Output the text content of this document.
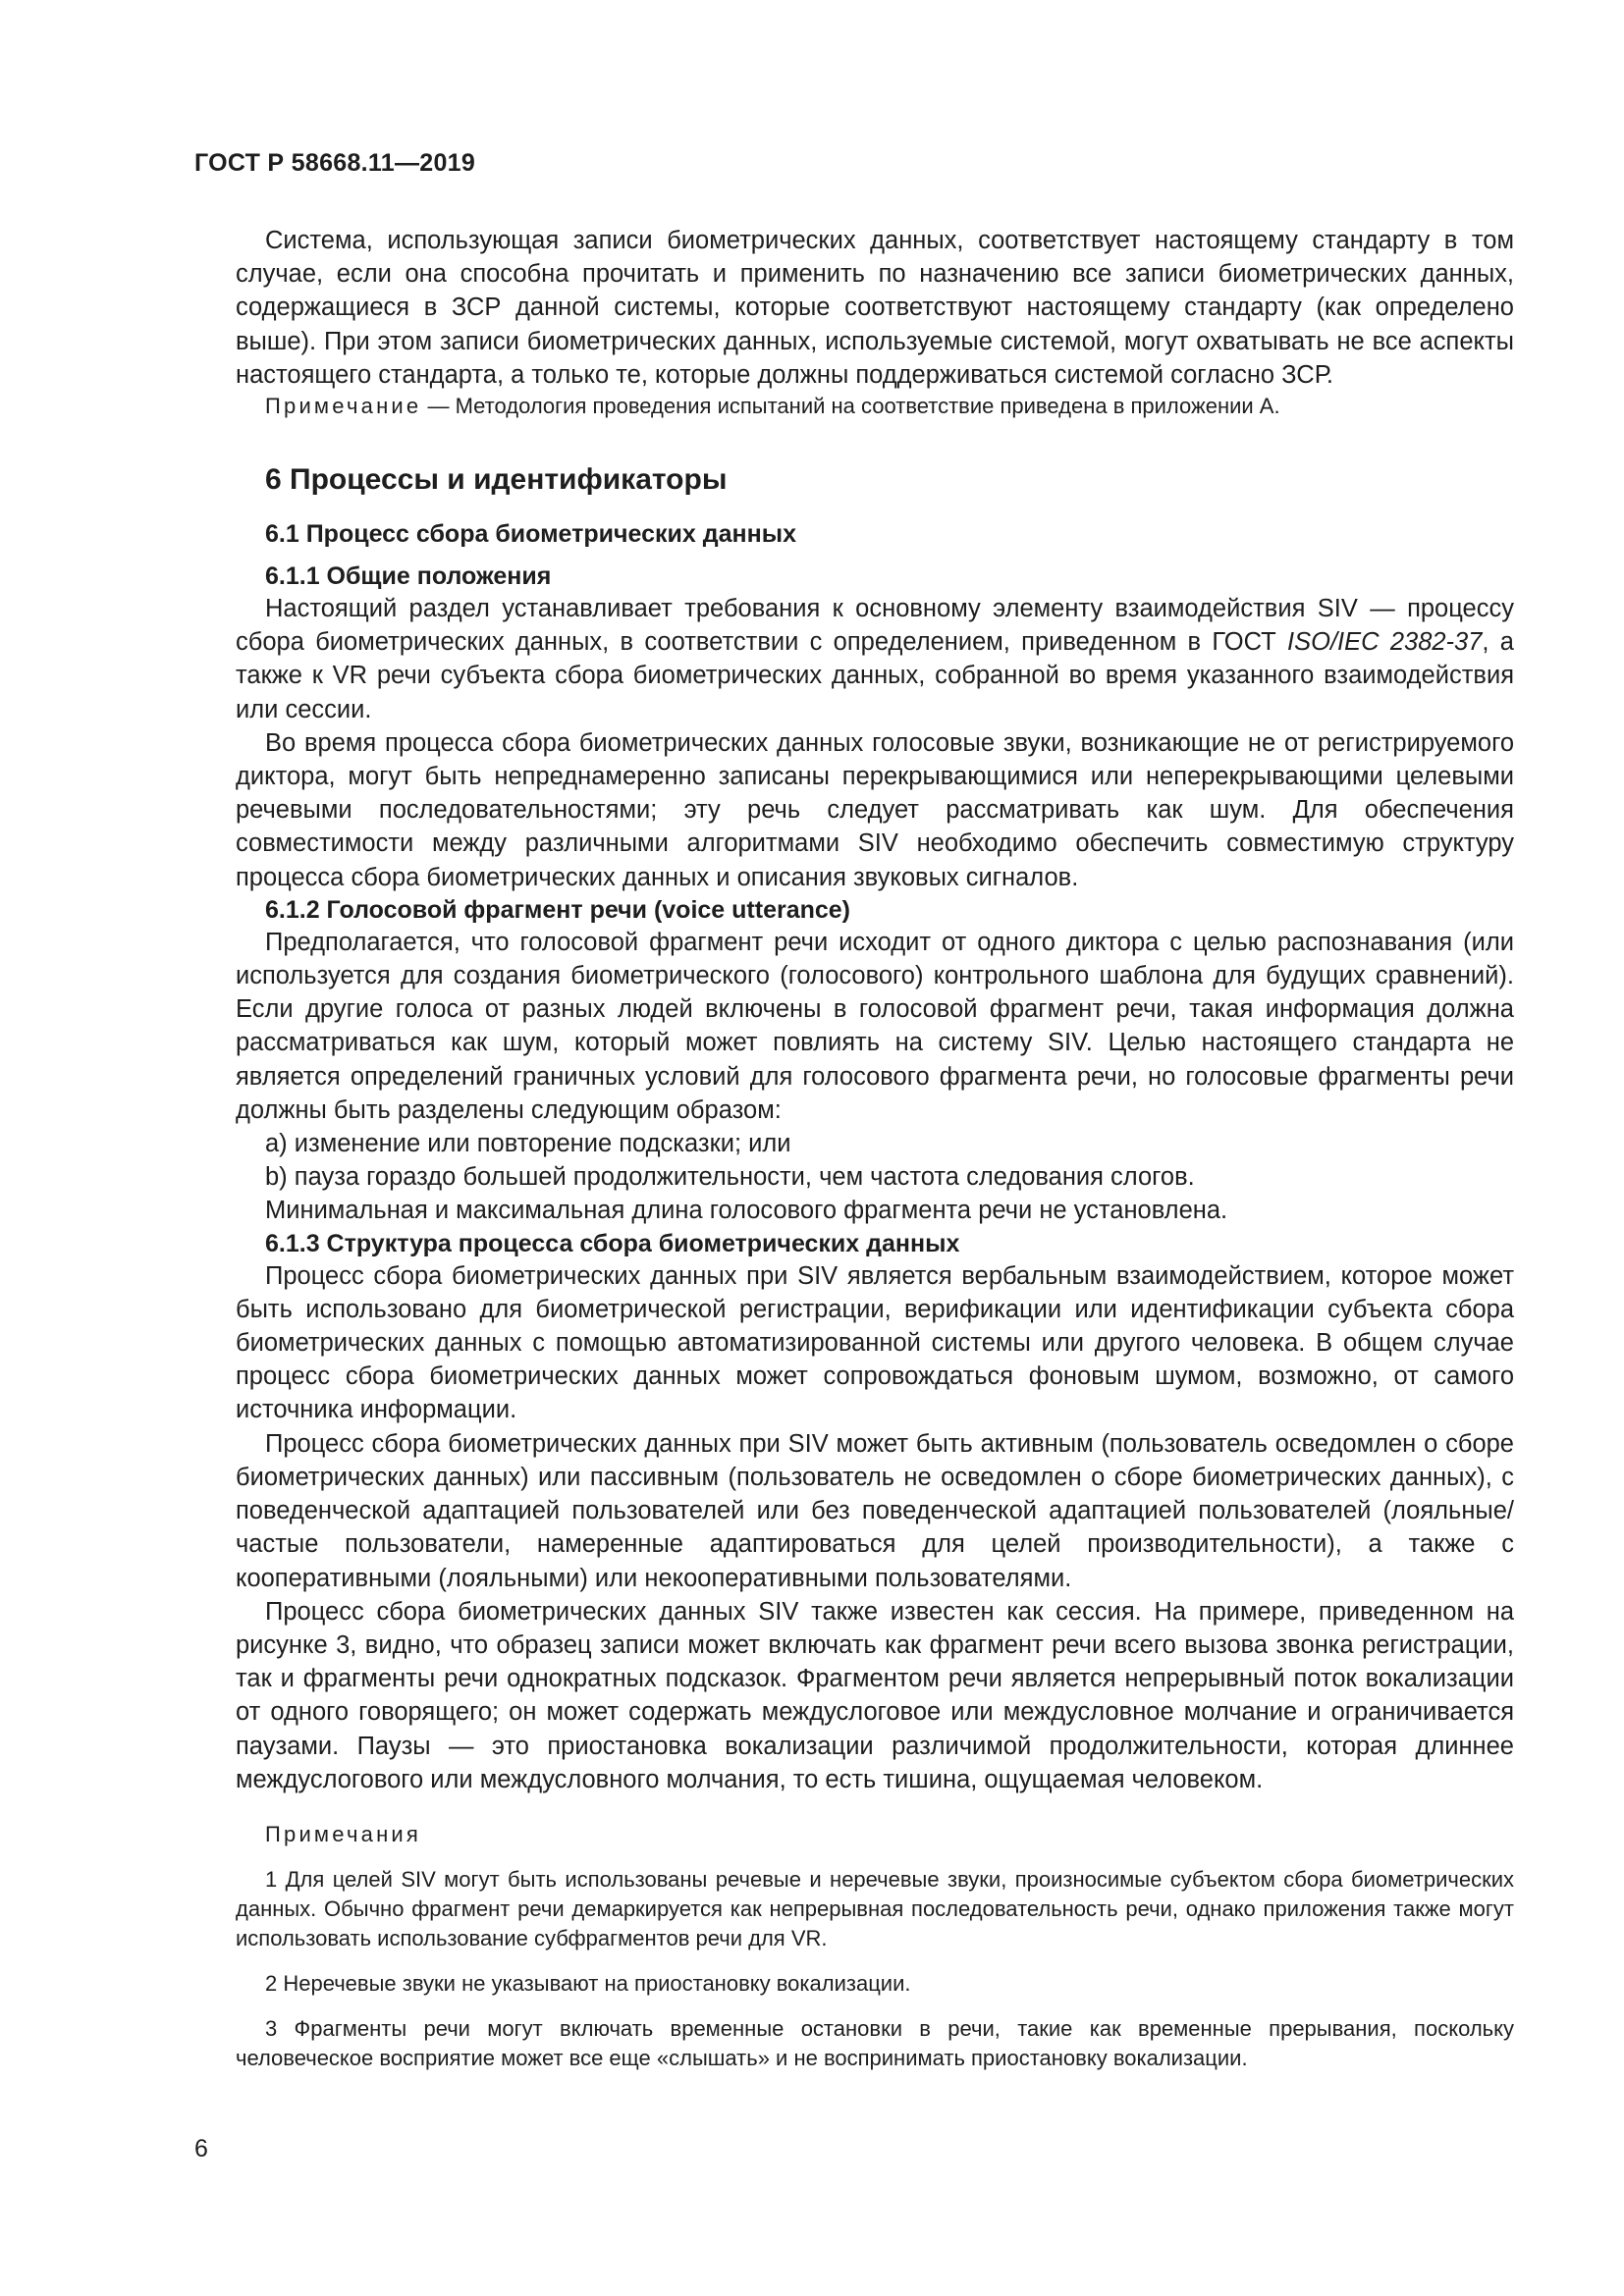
ГОСТ Р 58668.11—2019

Система, использующая записи биометрических данных, соответствует настоящему стандарту в том случае, если она способна прочитать и применить по назначению все записи биометрических данных, содержащиеся в ЗСР данной системы, которые соответствуют настоящему стандарту (как определено выше). При этом записи биометрических данных, используемые системой, могут охватывать не все аспекты настоящего стандарта, а только те, которые должны поддерживаться системой согласно ЗСР.

Примечание — Методология проведения испытаний на соответствие приведена в приложении А.

6 Процессы и идентификаторы
6.1 Процесс сбора биометрических данных
6.1.1 Общие положения

Настоящий раздел устанавливает требования к основному элементу взаимодействия SIV — процессу сбора биометрических данных, в соответствии с определением, приведенном в ГОСТ ISO/IEC 2382-37, а также к VR речи субъекта сбора биометрических данных, собранной во время указанного взаимодействия или сессии.

Во время процесса сбора биометрических данных голосовые звуки, возникающие не от регистрируемого диктора, могут быть непреднамеренно записаны перекрывающимися или неперекрывающими целевыми речевыми последовательностями; эту речь следует рассматривать как шум. Для обеспечения совместимости между различными алгоритмами SIV необходимо обеспечить совместимую структуру процесса сбора биометрических данных и описания звуковых сигналов.

6.1.2 Голосовой фрагмент речи (voice utterance)

Предполагается, что голосовой фрагмент речи исходит от одного диктора с целью распознавания (или используется для создания биометрического (голосового) контрольного шаблона для будущих сравнений). Если другие голоса от разных людей включены в голосовой фрагмент речи, такая информация должна рассматриваться как шум, который может повлиять на систему SIV. Целью настоящего стандарта не является определений граничных условий для голосового фрагмента речи, но голосовые фрагменты речи должны быть разделены следующим образом:

а) изменение или повторение подсказки; или

b) пауза гораздо большей продолжительности, чем частота следования слогов.

Минимальная и максимальная длина голосового фрагмента речи не установлена.

6.1.3 Структура процесса сбора биометрических данных

Процесс сбора биометрических данных при SIV является вербальным взаимодействием, которое может быть использовано для биометрической регистрации, верификации или идентификации субъекта сбора биометрических данных с помощью автоматизированной системы или другого человека. В общем случае процесс сбора биометрических данных может сопровождаться фоновым шумом, возможно, от самого источника информации.

Процесс сбора биометрических данных при SIV может быть активным (пользователь осведомлен о сборе биометрических данных) или пассивным (пользователь не осведомлен о сборе биометрических данных), с поведенческой адаптацией пользователей или без поведенческой адаптацией пользователей (лояльные/частые пользователи, намеренные адаптироваться для целей производительности), а также с кооперативными (лояльными) или некооперативными пользователями.

Процесс сбора биометрических данных SIV также известен как сессия. На примере, приведенном на рисунке 3, видно, что образец записи может включать как фрагмент речи всего вызова звонка регистрации, так и фрагменты речи однократных подсказок. Фрагментом речи является непрерывный поток вокализации от одного говорящего; он может содержать междуслоговое или междусловное молчание и ограничивается паузами. Паузы — это приостановка вокализации различимой продолжительности, которая длиннее междуслогового или междусловного молчания, то есть тишина, ощущаемая человеком.

Примечания

1 Для целей SIV могут быть использованы речевые и неречевые звуки, произносимые субъектом сбора биометрических данных. Обычно фрагмент речи демаркируется как непрерывная последовательность речи, однако приложения также могут использовать использование субфрагментов речи для VR.

2 Неречевые звуки не указывают на приостановку вокализации.

3 Фрагменты речи могут включать временные остановки в речи, такие как временные прерывания, поскольку человеческое восприятие может все еще «слышать» и не воспринимать приостановку вокализации.

6
